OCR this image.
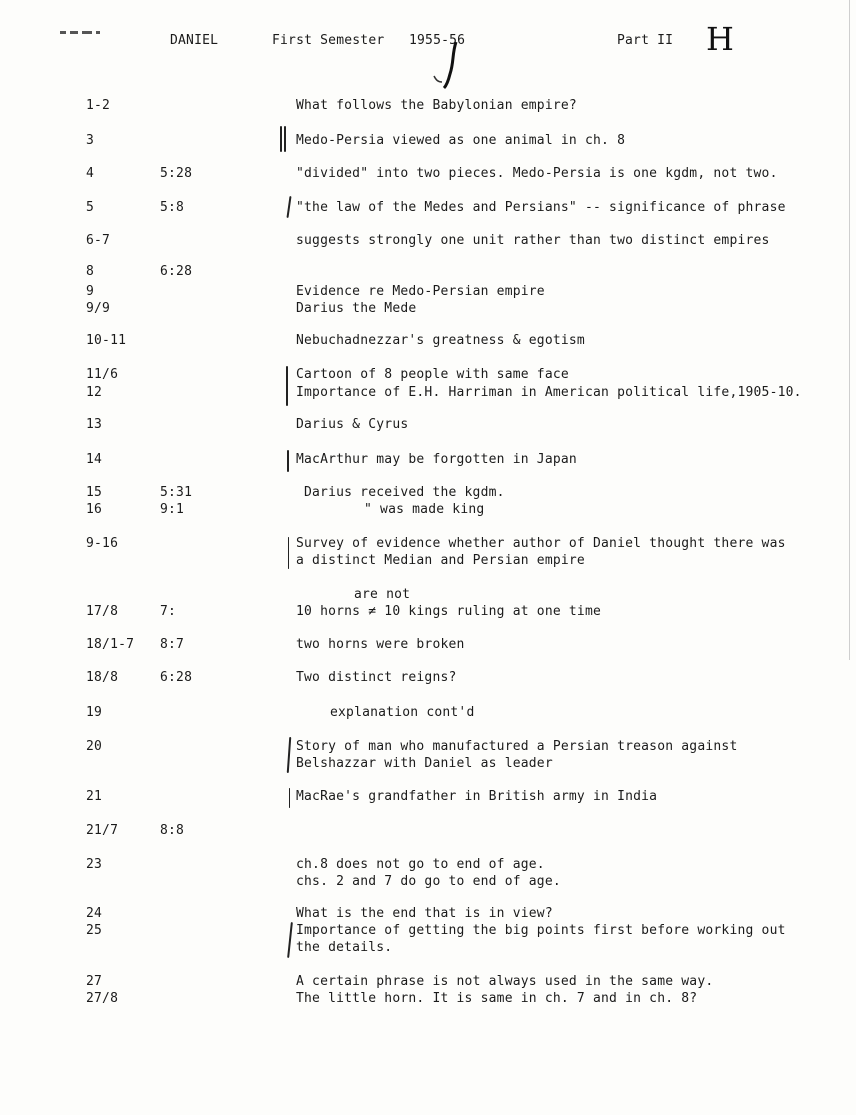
DANIEL	First Semester 1955-56	Part II H
1-2	What follows the Babylonian empire?
3	Medo-Persia viewed as one animal in ch. 8
4	5:28	"divided" into two pieces. Medo-Persia is one kgdm, not two.
5	5:8	"the law of the Medes and Persians" -- significance of phrase
6-7	suggests strongly one unit rather than two distinct empires
8	6:28
9	Evidence re Medo-Persian empire
9/9	Darius the Mede
10-11	Nebuchadnezzar's greatness & egotism
11/6	Cartoon of 8 people with same face
12	Importance of E.H. Harriman in American political life,1905-10.
13	Darius & Cyrus
14	MacArthur may be forgotten in Japan
15	5:31	Darius received the kgdm.
16	9:1	" was made king
9-16	Survey of evidence whether author of Daniel thought there was
a distinct Median and Persian empire
17/8	7:
are not
10 horns ≠ 10 kings ruling at one time
18/1-7 8:7	two horns were broken
18/8	6:28	Two distinct reigns?
19	explanation cont'd
20	Story of man who manufactured a Persian treason against
Belshazzar with Daniel as leader
21	MacRae's grandfather in British army in India
21/7	8:8
23	ch.8 does not go to end of age.
chs. 2 and 7 do go to end of age.
24	What is the end that is in view?
25	Importance of getting the big points first before working out
the details.
27	A certain phrase is not always used in the same way.
27/8	The little horn. It is same in ch. 7 and in ch. 8?
